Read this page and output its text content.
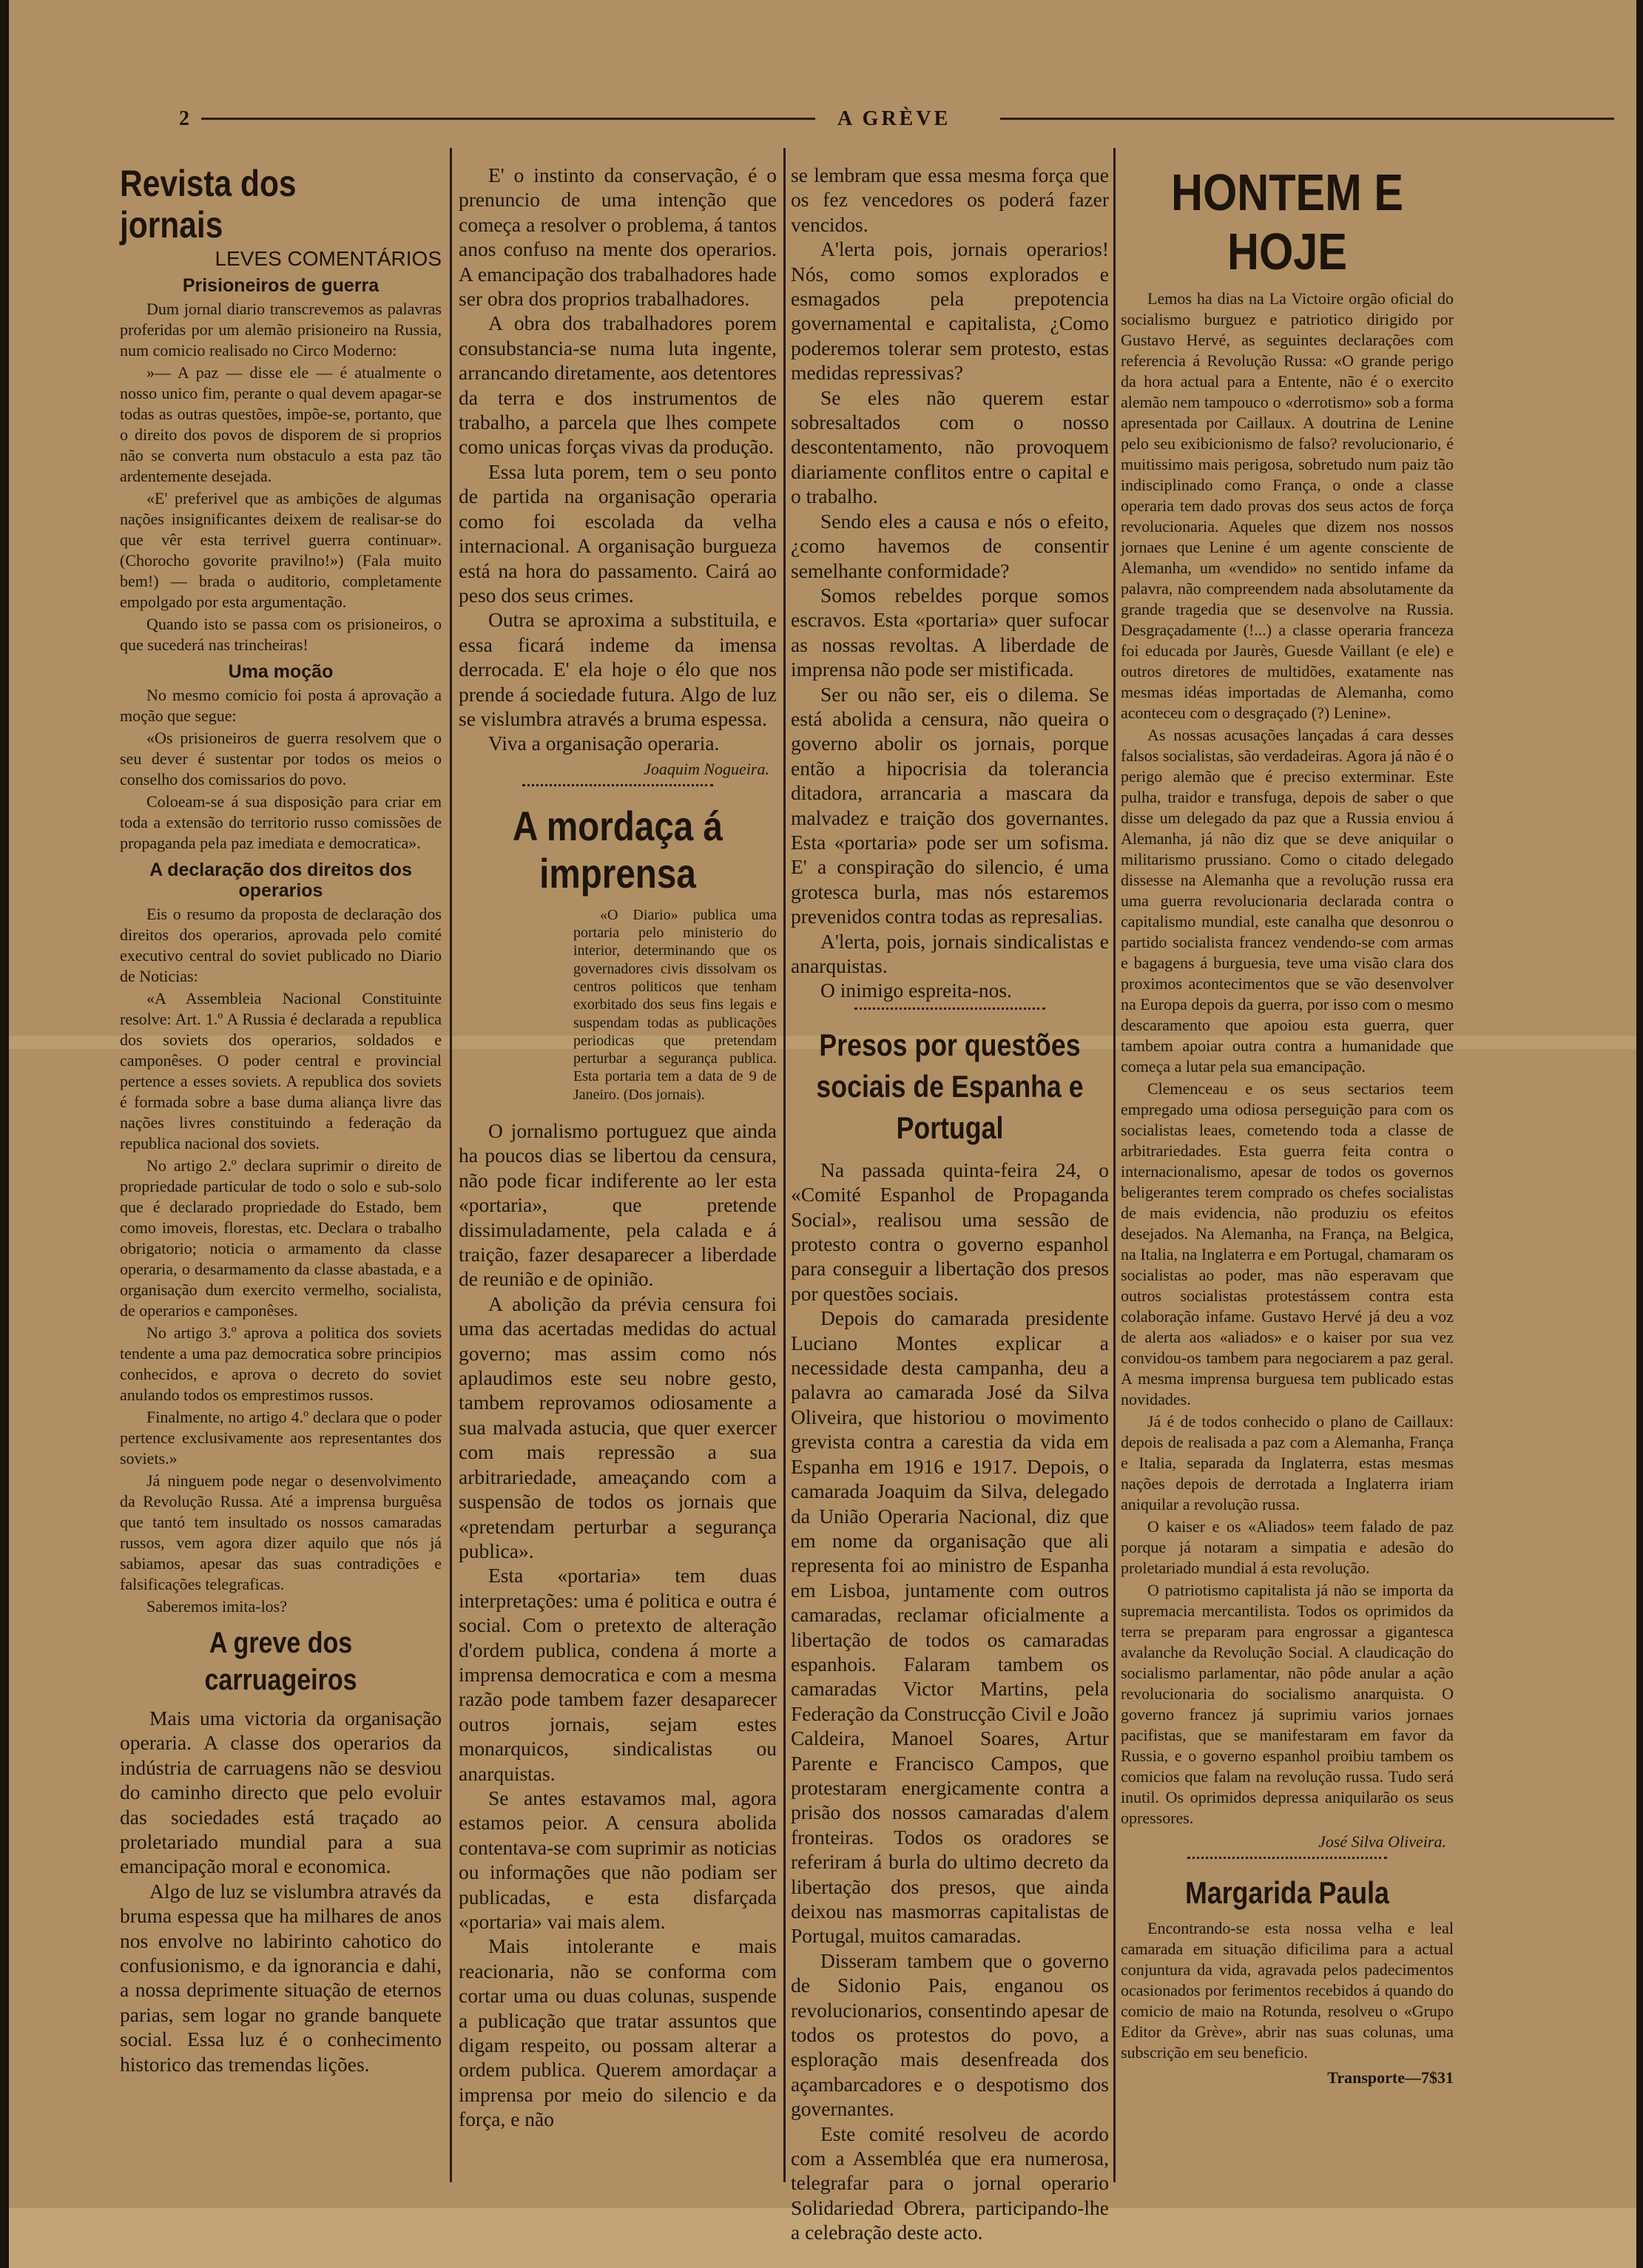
2	A GRÈVE
Revista dos jornais
LEVES COMENTÁRIOS
Prisioneiros de guerra

Dum jornal diario transcrevemos as palavras proferidas por um alemão prisioneiro na Russia, num comicio realisado no Circo Moderno:

»— A paz — disse ele — é atualmente o nosso unico fim, perante o qual devem apagar-se todas as outras questões, impõe-se, portanto, que o direito dos povos de disporem de si proprios não se converta num obstaculo a esta paz tão ardentemente desejada.

«E' preferivel que as ambições de algumas nações insignificantes deixem de realisar-se do que vêr esta terrivel guerra continuar». (Chorocho govorite pravilno!») (Fala muito bem!) — brada o auditorio, completamente empolgado por esta argumentação.

Quando isto se passa com os prisioneiros, o que sucederá nas trincheiras!

Uma moção

No mesmo comicio foi posta á aprovação a moção que segue:

«Os prisioneiros de guerra resolvem que o seu dever é sustentar por todos os meios o conselho dos comissarios do povo.

Coloeam-se á sua disposição para criar em toda a extensão do territorio russo comissões de propaganda pela paz imediata e democratica».

A declaração dos direitos dos operarios

Eis o resumo da proposta de declaração dos direitos dos operarios, aprovada pelo comité executivo central do soviet publicado no Diario de Noticias:

«A Assembleia Nacional Constituinte resolve: Art. 1.º A Russia é declarada a republica dos soviets dos operarios, soldados e camponêses. O poder central e provincial pertence a esses soviets. A republica dos soviets é formada sobre a base duma aliança livre das nações livres constituindo a federação da republica nacional dos soviets.

No artigo 2.º declara suprimir o direito de propriedade particular de todo o solo e sub-solo que é declarado propriedade do Estado, bem como imoveis, florestas, etc. Declara o trabalho obrigatorio; noticia o armamento da classe operaria, o desarmamento da classe abastada, e a organisação dum exercito vermelho, socialista, de operarios e camponêses.

No artigo 3.º aprova a politica dos soviets tendente a uma paz democratica sobre principios conhecidos, e aprova o decreto do soviet anulando todos os emprestimos russos.

Finalmente, no artigo 4.º declara que o poder pertence exclusivamente aos representantes dos soviets.»

Já ninguem pode negar o desenvolvimento da Revolução Russa. Até a imprensa burguêsa que tantó tem insultado os nossos camaradas russos, vem agora dizer aquilo que nós já sabiamos, apesar das suas contradições e falsificações telegraficas.

Saberemos imita-los?

A greve dos carruageiros

Mais uma victoria da organisação operaria. A classe dos operarios da indústria de carruagens não se desviou do caminho directo que pelo evoluir das sociedades está traçado ao proletariado mundial para a sua emancipação moral e economica.

Algo de luz se vislumbra através da bruma espessa que ha milhares de anos nos envolve no labirinto cahotico do confusionismo, e da ignorancia e dahi, a nossa deprimente situação de eternos parias, sem logar no grande banquete social. Essa luz é o conhecimento historico das tremendas lições.

E' o instinto da conservação, é o prenuncio de uma intenção que começa a resolver o problema, á tantos anos confuso na mente dos operarios. A emancipação dos trabalhadores hade ser obra dos proprios trabalhadores.

A obra dos trabalhadores porem consubstancia-se numa luta ingente, arrancando diretamente, aos detentores da terra e dos instrumentos de trabalho, a parcela que lhes compete como unicas forças vivas da produção.

Essa luta porem, tem o seu ponto de partida na organisação operaria como foi escolada da velha internacional. A organisação burgueza está na hora do passamento. Cairá ao peso dos seus crimes.

Outra se aproxima a substituila, e essa ficará indeme da imensa derrocada. E' ela hoje o élo que nos prende á sociedade futura. Algo de luz se vislumbra através a bruma espessa.

Viva a organisação operaria.

Joaquim Nogueira.
A mordaça á imprensa

«O Diario» publica uma portaria pelo ministerio do interior, determinando que os governadores civis dissolvam os centros politicos que tenham exorbitado dos seus fins legais e suspendam todas as publicações periodicas que pretendam perturbar a segurança publica. Esta portaria tem a data de 9 de Janeiro. (Dos jornais).

O jornalismo portuguez que ainda ha poucos dias se libertou da censura, não pode ficar indiferente ao ler esta «portaria», que pretende dissimuladamente, pela calada e á traição, fazer desaparecer a liberdade de reunião e de opinião.

A abolição da prévia censura foi uma das acertadas medidas do actual governo; mas assim como nós aplaudimos este seu nobre gesto, tambem reprovamos odiosamente a sua malvada astucia, que quer exercer com mais repressão a sua arbitrariedade, ameaçando com a suspensão de todos os jornais que «pretendam perturbar a segurança publica».

Esta «portaria» tem duas interpretações: uma é politica e outra é social. Com o pretexto de alteração d'ordem publica, condena á morte a imprensa democratica e com a mesma razão pode tambem fazer desaparecer outros jornais, sejam estes monarquicos, sindicalistas ou anarquistas.

Se antes estavamos mal, agora estamos peior. A censura abolida contentava-se com suprimir as noticias ou informações que não podiam ser publicadas, e esta disfarçada «portaria» vai mais alem.

Mais intolerante e mais reacionaria, não se conforma com cortar uma ou duas colunas, suspende a publicação que tratar assuntos que digam respeito, ou possam alterar a ordem publica. Querem amordaçar a imprensa por meio do silencio e da força, e não

se lembram que essa mesma força que os fez vencedores os poderá fazer vencidos.

A'lerta pois, jornais operarios! Nós, como somos explorados e esmagados pela prepotencia governamental e capitalista, ¿Como poderemos tolerar sem protesto, estas medidas repressivas?

Se eles não querem estar sobresaltados com o nosso descontentamento, não provoquem diariamente conflitos entre o capital e o trabalho.

Sendo eles a causa e nós o efeito, ¿como havemos de consentir semelhante conformidade?

Somos rebeldes porque somos escravos. Esta «portaria» quer sufocar as nossas revoltas. A liberdade de imprensa não pode ser mistificada.

Ser ou não ser, eis o dilema. Se está abolida a censura, não queira o governo abolir os jornais, porque então a hipocrisia da tolerancia ditadora, arrancaria a mascara da malvadez e traição dos governantes. Esta «portaria» pode ser um sofisma. E' a conspiração do silencio, é uma grotesca burla, mas nós estaremos prevenidos contra todas as represalias.

A'lerta, pois, jornais sindicalistas e anarquistas.

O inimigo espreita-nos.

Presos por questões sociais de Espanha e Portugal

Na passada quinta-feira 24, o «Comité Espanhol de Propaganda Social», realisou uma sessão de protesto contra o governo espanhol para conseguir a libertação dos presos por questões sociais.

Depois do camarada presidente Luciano Montes explicar a necessidade desta campanha, deu a palavra ao camarada José da Silva Oliveira, que historiou o movimento grevista contra a carestia da vida em Espanha em 1916 e 1917. Depois, o camarada Joaquim da Silva, delegado da União Operaria Nacional, diz que em nome da organisação que ali representa foi ao ministro de Espanha em Lisboa, juntamente com outros camaradas, reclamar oficialmente a libertação de todos os camaradas espanhois. Falaram tambem os camaradas Victor Martins, pela Federação da Construcção Civil e João Caldeira, Manoel Soares, Artur Parente e Francisco Campos, que protestaram energicamente contra a prisão dos nossos camaradas d'alem fronteiras. Todos os oradores se referiram á burla do ultimo decreto da libertação dos presos, que ainda deixou nas masmorras capitalistas de Portugal, muitos camaradas.

Disseram tambem que o governo de Sidonio Pais, enganou os revolucionarios, consentindo apesar de todos os protestos do povo, a esploração mais desenfreada dos açambarcadores e o despotismo dos governantes.

Este comité resolveu de acordo com a Assembléa que era numerosa, telegrafar para o jornal operario Solidariedad Obrera, participando-lhe a celebração deste acto.

HONTEM E HOJE

Lemos ha dias na La Victoire orgão oficial do socialismo burguez e patriotico dirigido por Gustavo Hervé, as seguintes declarações com referencia á Revolução Russa: «O grande perigo da hora actual para a Entente, não é o exercito alemão nem tampouco o «derrotismo» sob a forma apresentada por Caillaux. A doutrina de Lenine pelo seu exibicionismo de falso? revolucionario, é muitissimo mais perigosa, sobretudo num paiz tão indisciplinado como França, o onde a classe operaria tem dado provas dos seus actos de força revolucionaria. Aqueles que dizem nos nossos jornaes que Lenine é um agente consciente de Alemanha, um «vendido» no sentido infame da palavra, não compreendem nada absolutamente da grande tragedia que se desenvolve na Russia. Desgraçadamente (!...) a classe operaria franceza foi educada por Jaurès, Guesde Vaillant (e ele) e outros diretores de multidões, exatamente nas mesmas idéas importadas de Alemanha, como aconteceu com o desgraçado (?) Lenine».

As nossas acusações lançadas á cara desses falsos socialistas, são verdadeiras. Agora já não é o perigo alemão que é preciso exterminar. Este pulha, traidor e transfuga, depois de saber o que disse um delegado da paz que a Russia enviou á Alemanha, já não diz que se deve aniquilar o militarismo prussiano. Como o citado delegado dissesse na Alemanha que a revolução russa era uma guerra revolucionaria declarada contra o capitalismo mundial, este canalha que desonrou o partido socialista francez vendendo-se com armas e bagagens á burguesia, teve uma visão clara dos proximos acontecimentos que se vão desenvolver na Europa depois da guerra, por isso com o mesmo descaramento que apoiou esta guerra, quer tambem apoiar outra contra a humanidade que começa a lutar pela sua emancipação.

Clemenceau e os seus sectarios teem empregado uma odiosa perseguição para com os socialistas leaes, cometendo toda a classe de arbitrariedades. Esta guerra feita contra o internacionalismo, apesar de todos os governos beligerantes terem comprado os chefes socialistas de mais evidencia, não produziu os efeitos desejados. Na Alemanha, na França, na Belgica, na Italia, na Inglaterra e em Portugal, chamaram os socialistas ao poder, mas não esperavam que outros socialistas protestássem contra esta colaboração infame. Gustavo Hervé já deu a voz de alerta aos «aliados» e o kaiser por sua vez convidou-os tambem para negociarem a paz geral. A mesma imprensa burguesa tem publicado estas novidades.

Já é de todos conhecido o plano de Caillaux: depois de realisada a paz com a Alemanha, França e Italia, separada da Inglaterra, estas mesmas nações depois de derrotada a Inglaterra iriam aniquilar a revolução russa.

O kaiser e os «Aliados» teem falado de paz porque já notaram a simpatia e adesão do proletariado mundial á esta revolução.

O patriotismo capitalista já não se importa da supremacia mercantilista. Todos os oprimidos da terra se preparam para engrossar a gigantesca avalanche da Revolução Social. A claudicação do socialismo parlamentar, não pôde anular a ação revolucionaria do socialismo anarquista. O governo francez já suprimiu varios jornaes pacifistas, que se manifestaram em favor da Russia, e o governo espanhol proibiu tambem os comicios que falam na revolução russa. Tudo será inutil. Os oprimidos depressa aniquilarão os seus opressores.

José Silva Oliveira.
Margarida Paula

Encontrando-se esta nossa velha e leal camarada em situação dificilima para a actual conjuntura da vida, agravada pelos padecimentos ocasionados por ferimentos recebidos á quando do comicio de maio na Rotunda, resolveu o «Grupo Editor da Grève», abrir nas suas colunas, uma subscrição em seu beneficio.

Transporte—7$31
